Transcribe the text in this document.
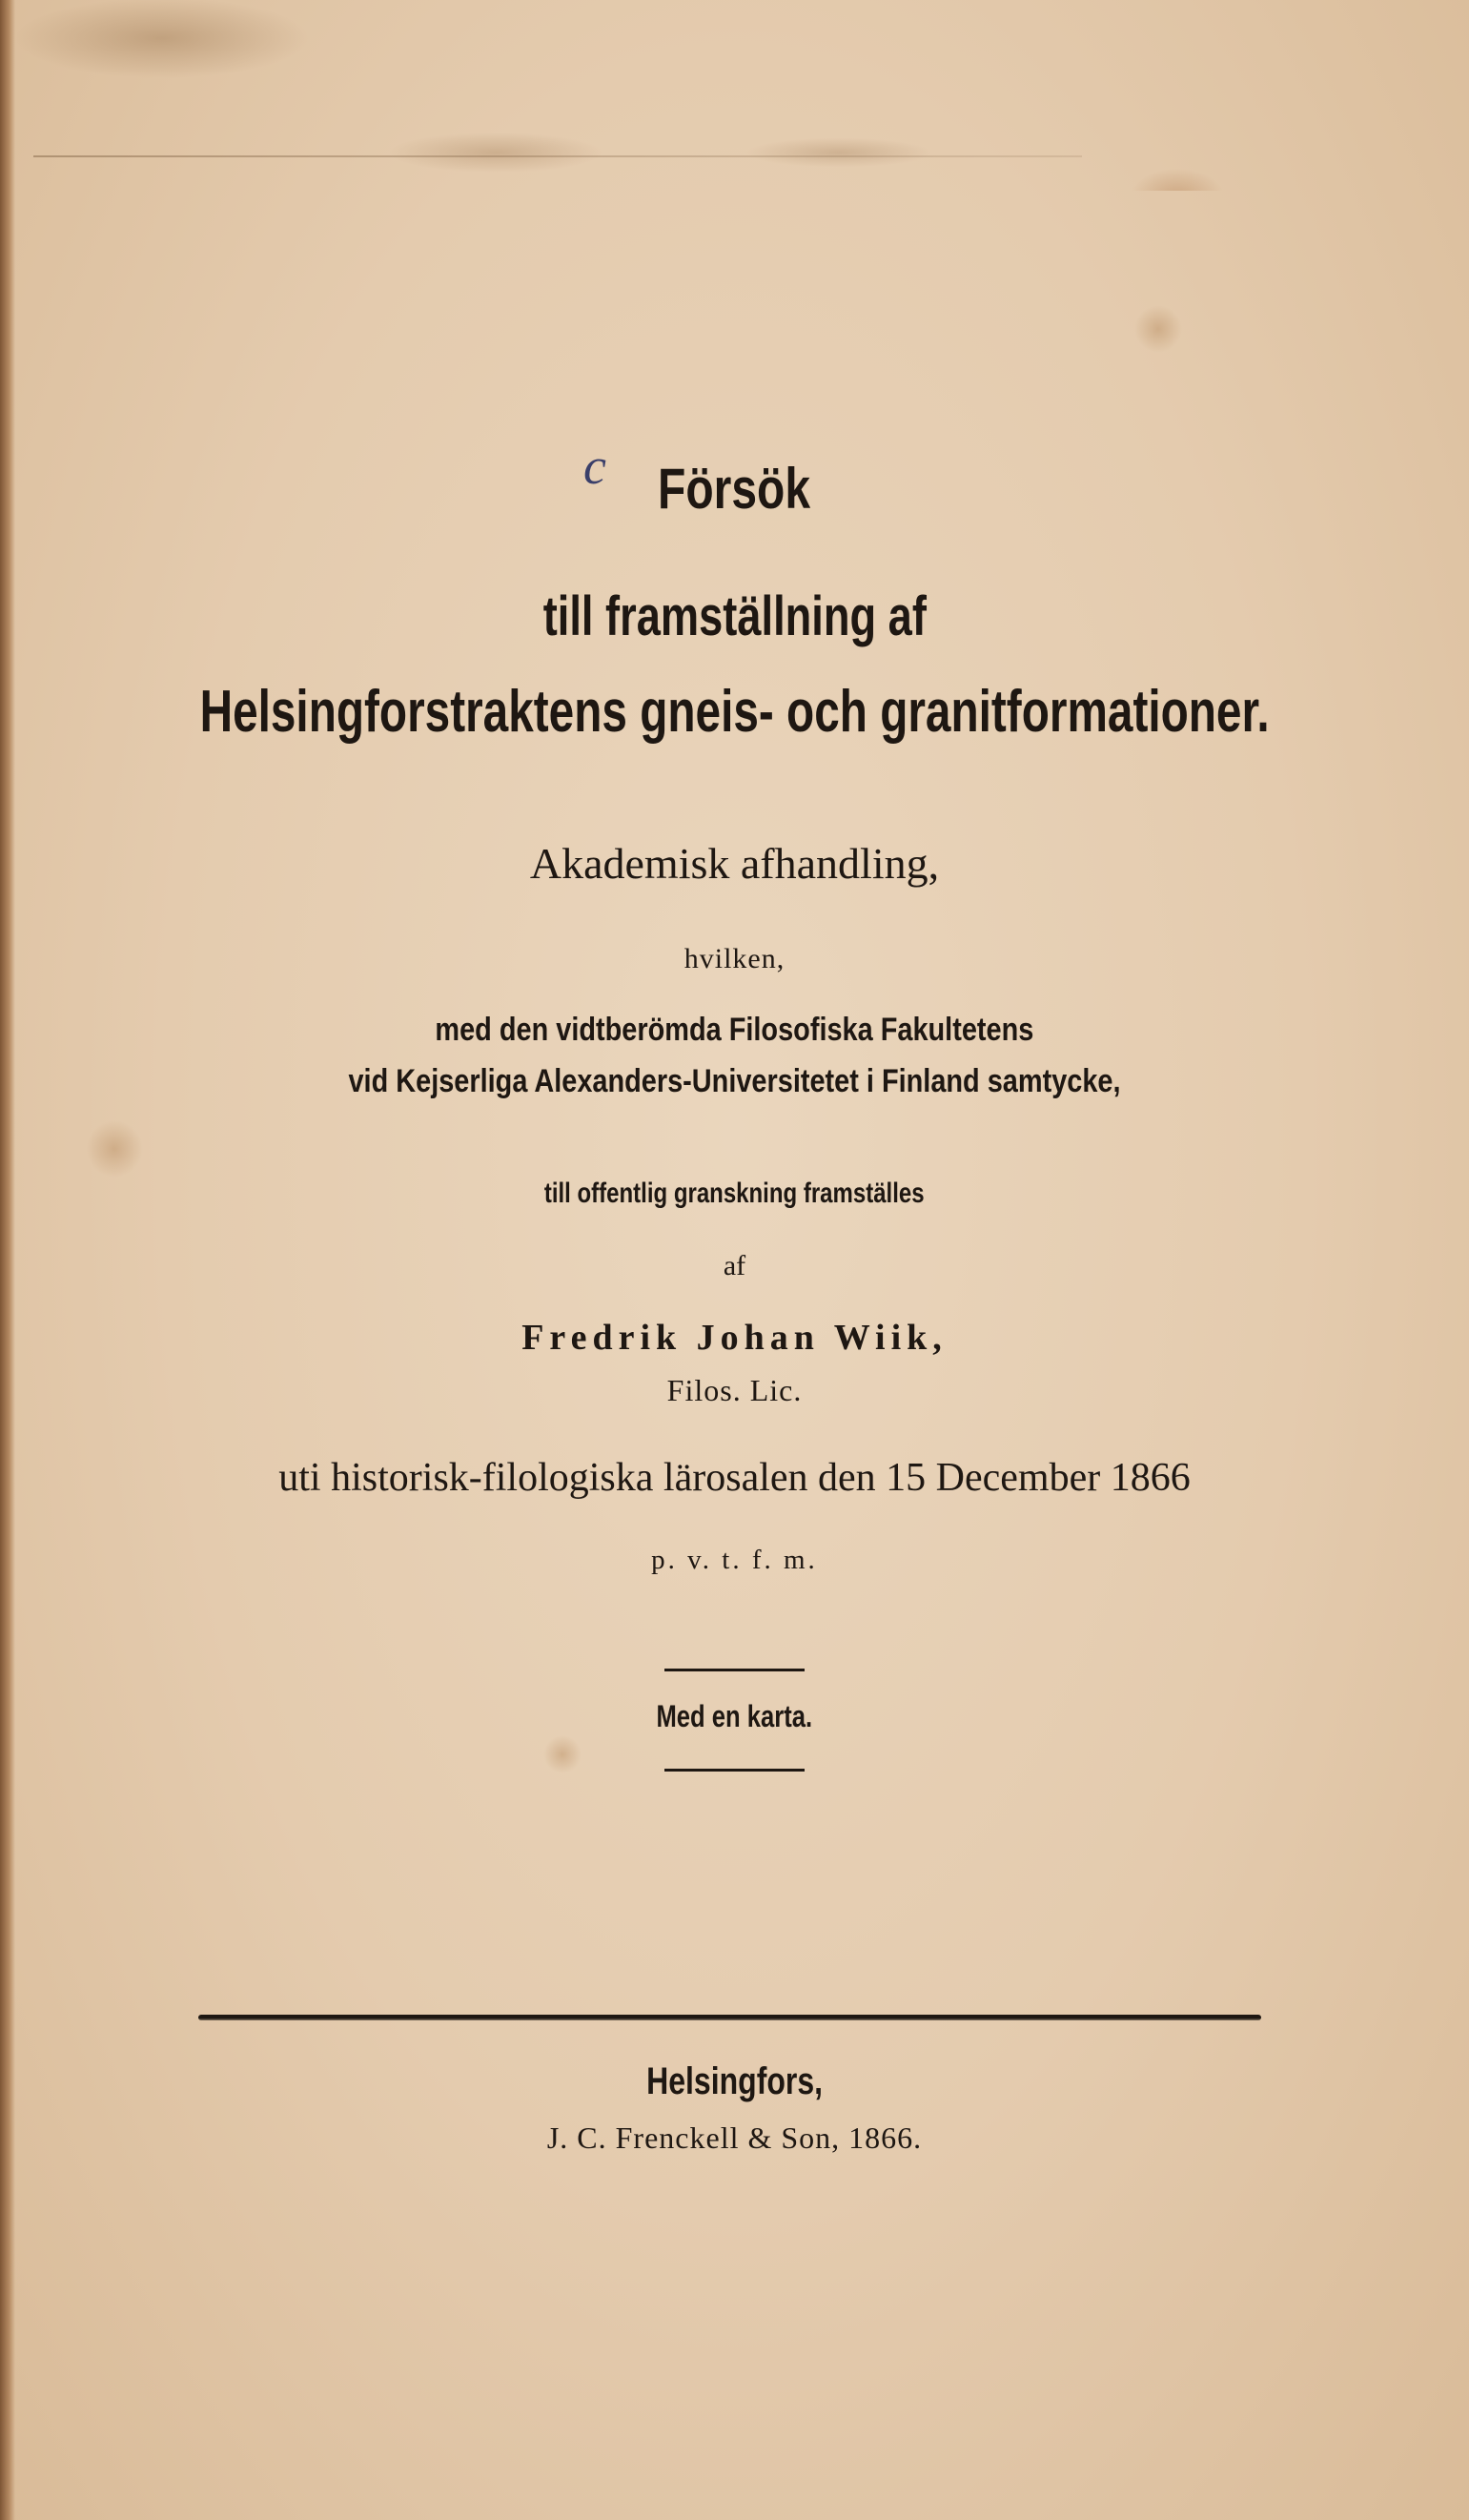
c Försök

till framställning af

Helsingforstraktens gneis- och granitformationer.

Akademisk afhandling,

hvilken,

med den vidtberömda Filosofiska Fakultetens

vid Kejserliga Alexanders-Universitetet i Finland samtycke,

till offentlig granskning framställes

af

Fredrik Johan Wiik,

Filos. Lic.

uti historisk-filologiska lärosalen den 15 December 1866

p. v. t. f. m.

Med en karta.

Helsingfors,

J. C. Frenckell & Son, 1866.
